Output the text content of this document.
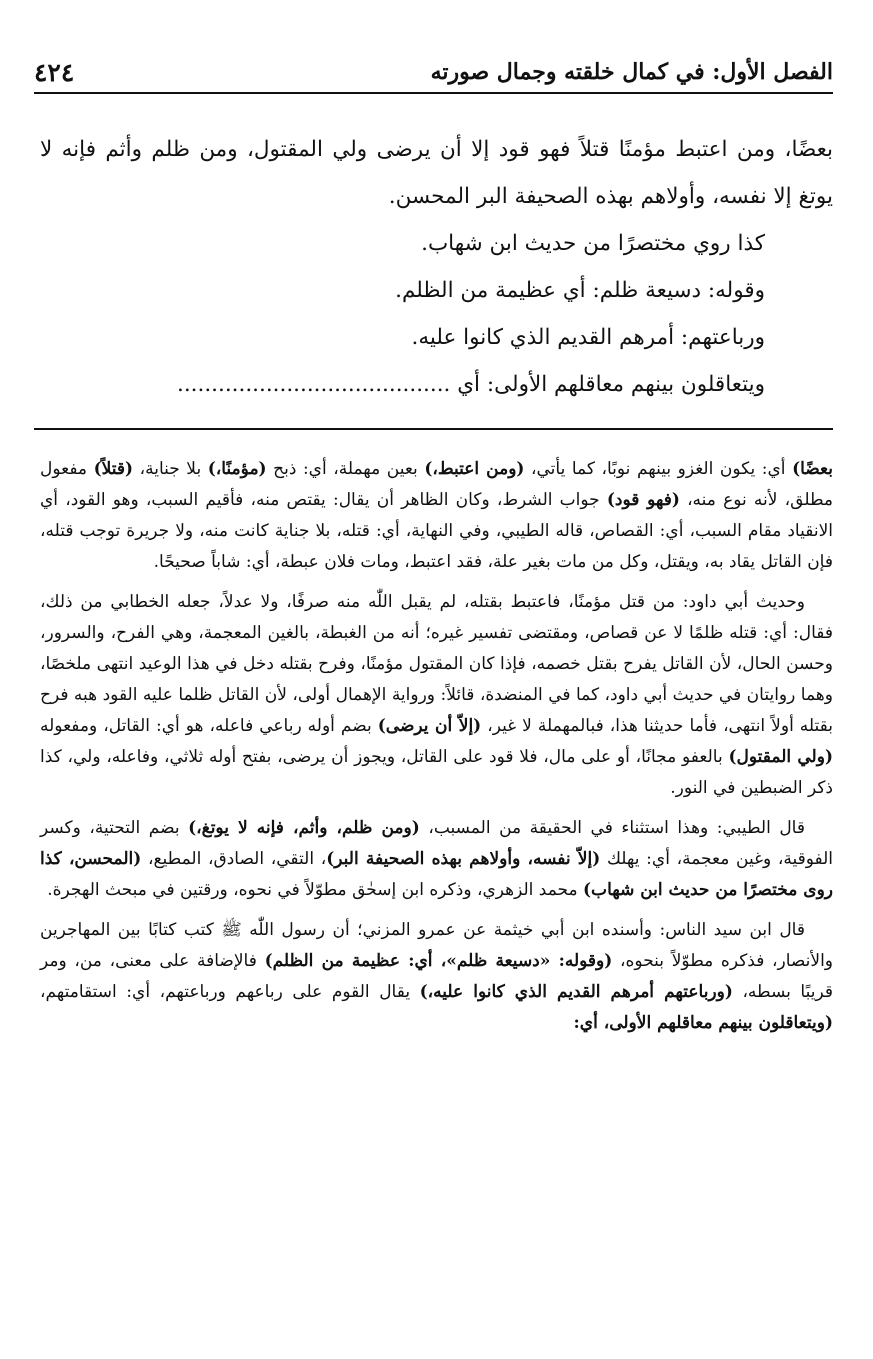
الفصل الأول: في كمال خلقته وجمال صورته
٤٢٤

بعضًا، ومن اعتبط مؤمنًا قتلاً فهو قود إلا أن يرضى ولي المقتول، ومن ظلم وأثم فإنه لا يوتغ إلا نفسه، وأولاهم بهذه الصحيفة البر المحسن.

كذا روي مختصرًا من حديث ابن شهاب.

وقوله: دسيعة ظلم: أي عظيمة من الظلم.

ورباعتهم: أمرهم القديم الذي كانوا عليه.

ويتعاقلون بينهم معاقلهم الأولى: أي ........................................

بعضًا) أي: يكون الغزو بينهم نوبًا، كما يأتي، (ومن اعتبط،) بعين مهملة، أي: ذبح (مؤمنًا،) بلا جناية، (قتلاً) مفعول مطلق، لأنه نوع منه، (فهو قود) جواب الشرط، وكان الظاهر أن يقال: يقتص منه، فأقيم السبب، وهو القود، أي الانقياد مقام السبب، أي: القصاص، قاله الطيبي، وفي النهاية، أي: قتله، بلا جناية كانت منه، ولا جريرة توجب قتله، فإن القاتل يقاد به، ويقتل، وكل من مات بغير علة، فقد اعتبط، ومات فلان عبطة، أي: شاباً صحيحًا.

وحديث أبي داود: من قتل مؤمنًا، فاعتبط بقتله، لم يقبل اللّٰه منه صرفًا، ولا عدلاً، جعله الخطابي من ذلك، فقال: أي: قتله ظلمًا لا عن قصاص، ومقتضى تفسير غيره؛ أنه من الغبطة، بالغين المعجمة، وهي الفرح، والسرور، وحسن الحال، لأن القاتل يفرح بقتل خصمه، فإذا كان المقتول مؤمنًا، وفرح بقتله دخل في هذا الوعيد انتهى ملخصًا، وهما روايتان في حديث أبي داود، كما في المنضدة، قائلاً: ورواية الإهمال أولى، لأن القاتل ظلما عليه القود هبه فرح بقتله أولاً انتهى، فأما حديثنا هذا، فبالمهملة لا غير، (إلاّ أن يرضى) بضم أوله رباعي فاعله، هو أي: القاتل، ومفعوله (ولي المقتول) بالعفو مجانًا، أو على مال، فلا قود على القاتل، ويجوز أن يرضى، بفتح أوله ثلاثي، وفاعله، ولي، كذا ذكر الضبطين في النور.

قال الطيبي: وهذا استثناء في الحقيقة من المسبب، (ومن ظلم، وأثم، فإنه لا يوتغ،) بضم التحتية، وكسر الفوقية، وغين معجمة، أي: يهلك (إلاّ نفسه، وأولاهم بهذه الصحيفة البر)، التقي، الصادق، المطيع، (المحسن، كذا روى مختصرًا من حديث ابن شهاب) محمد الزهري، وذكره ابن إسحٰق مطوّلاً في نحوه، ورقتين في مبحث الهجرة.

قال ابن سيد الناس: وأسنده ابن أبي خيثمة عن عمرو المزني؛ أن رسول اللّٰه ﷺ كتب كتابًا بين المهاجرين والأنصار، فذكره مطوّلاً بنحوه، (وقوله: «دسيعة ظلم»، أي: عظيمة من الظلم) فالإضافة على معنى، من، ومر قريبًا بسطه، (ورباعتهم أمرهم القديم الذي كانوا عليه،) يقال القوم على رباعهم ورباعتهم، أي: استقامتهم، (ويتعاقلون بينهم معاقلهم الأولى، أي:
